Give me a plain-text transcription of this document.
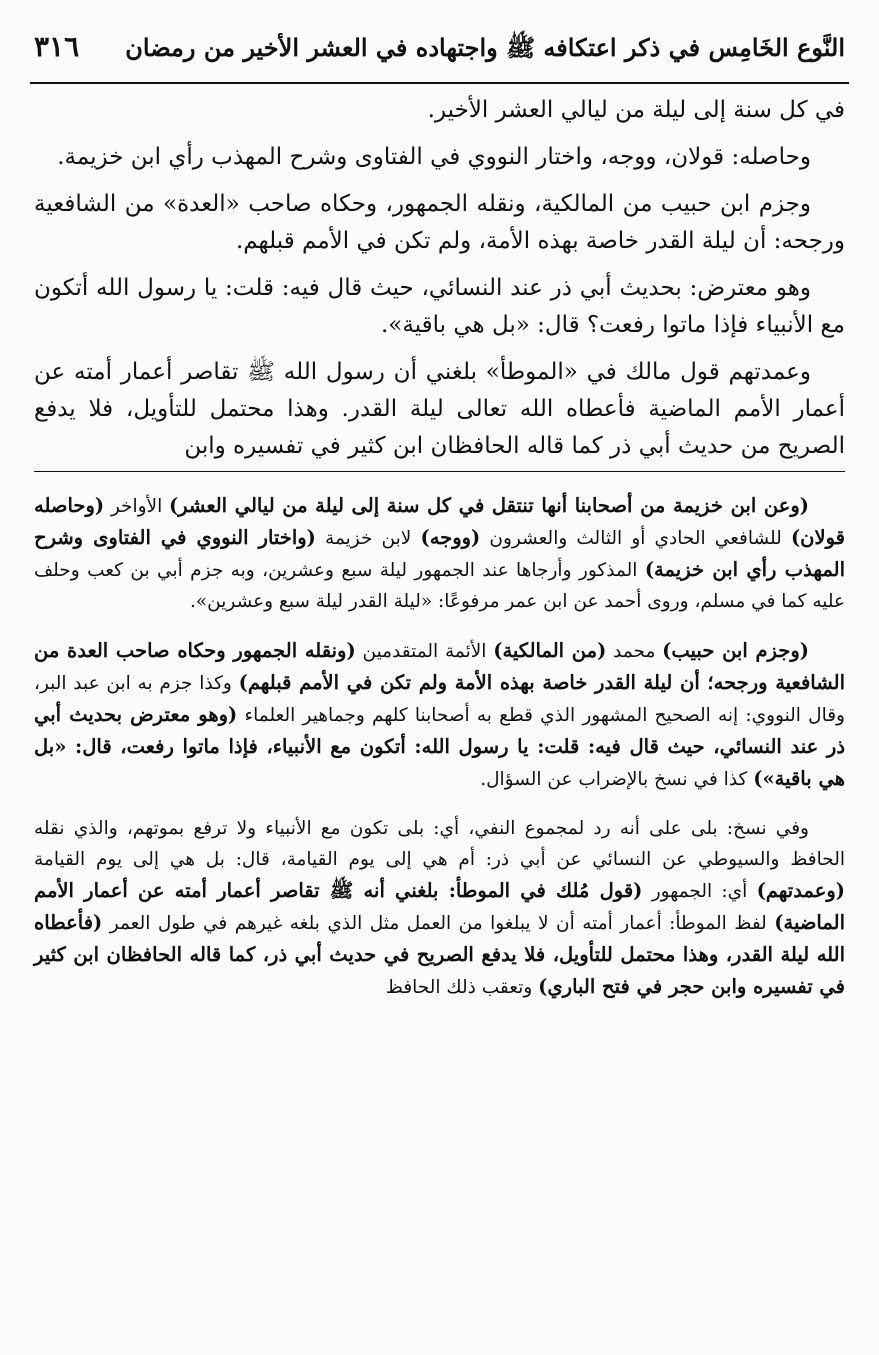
النَّوع الخَامِس في ذكر اعتكافه ﷺ واجتهاده في العشر الأخير من رمضان
٣١٦

في كل سنة إلى ليلة من ليالي العشر الأخير.

وحاصله: قولان، ووجه، واختار النووي في الفتاوى وشرح المهذب رأي ابن خزيمة.

وجزم ابن حبيب من المالكية، ونقله الجمهور، وحكاه صاحب «العدة» من الشافعية ورجحه: أن ليلة القدر خاصة بهذه الأمة، ولم تكن في الأمم قبلهم.

وهو معترض: بحديث أبي ذر عند النسائي، حيث قال فيه: قلت: يا رسول الله أتكون مع الأنبياء فإذا ماتوا رفعت؟ قال: «بل هي باقية».

وعمدتهم قول مالك في «الموطأ» بلغني أن رسول الله ﷺ تقاصر أعمار أمته عن أعمار الأمم الماضية فأعطاه الله تعالى ليلة القدر. وهذا محتمل للتأويل، فلا يدفع الصريح من حديث أبي ذر كما قاله الحافظان ابن كثير في تفسيره وابن

(وعن ابن خزيمة من أصحابنا أنها تنتقل في كل سنة إلى ليلة من ليالي العشر) الأواخر (وحاصله قولان) للشافعي الحادي أو الثالث والعشرون (ووجه) لابن خزيمة (واختار النووي في الفتاوى وشرح المهذب رأي ابن خزيمة) المذكور وأرجاها عند الجمهور ليلة سبع وعشرين، وبه جزم أبي بن كعب وحلف عليه كما في مسلم، وروى أحمد عن ابن عمر مرفوعًا: «ليلة القدر ليلة سبع وعشرين».

(وجزم ابن حبيب) محمد (من المالكية) الأئمة المتقدمين (ونقله الجمهور وحكاه صاحب العدة من الشافعية ورجحه؛ أن ليلة القدر خاصة بهذه الأمة ولم تكن في الأمم قبلهم) وكذا جزم به ابن عبد البر، وقال النووي: إنه الصحيح المشهور الذي قطع به أصحابنا كلهم وجماهير العلماء (وهو معترض بحديث أبي ذر عند النسائي، حيث قال فيه: قلت: يا رسول الله: أتكون مع الأنبياء، فإذا ماتوا رفعت، قال: «بل هي باقية») كذا في نسخ بالإضراب عن السؤال.

وفي نسخ: بلى على أنه رد لمجموع النفي، أي: بلى تكون مع الأنبياء ولا ترفع بموتهم، والذي نقله الحافظ والسيوطي عن النسائي عن أبي ذر: أم هي إلى يوم القيامة، قال: بل هي إلى يوم القيامة (وعمدتهم) أي: الجمهور (قول مُلك في الموطأ: بلغني أنه ﷺ تقاصر أعمار أمته عن أعمار الأمم الماضية) لفظ الموطأ: أعمار أمته أن لا يبلغوا من العمل مثل الذي بلغه غيرهم في طول العمر (فأعطاه الله ليلة القدر، وهذا محتمل للتأويل، فلا يدفع الصريح في حديث أبي ذر، كما قاله الحافظان ابن كثير في تفسيره وابن حجر في فتح الباري) وتعقب ذلك الحافظ
